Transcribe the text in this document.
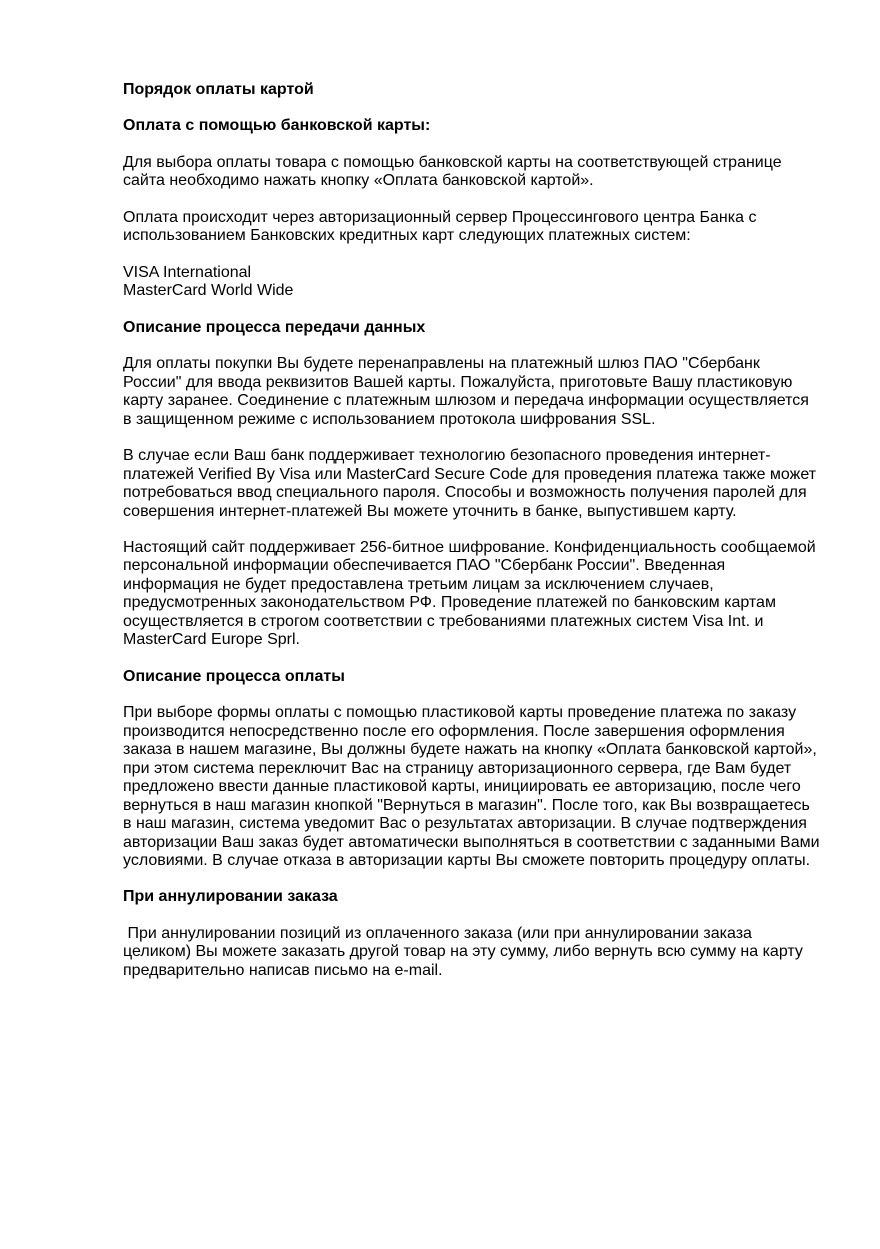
Порядок оплаты картой
Оплата с помощью банковской карты:

Для выбора оплаты товара с помощью банковской карты на соответствующей странице сайта необходимо нажать кнопку «Оплата банковской картой».

Оплата происходит через авторизационный сервер Процессингового центра Банка с использованием Банковских кредитных карт следующих платежных систем:

VISA International
MasterCard World Wide
Описание процесса передачи данных

Для оплаты покупки Вы будете перенаправлены на платежный шлюз ПАО "Сбербанк России" для ввода реквизитов Вашей карты. Пожалуйста, приготовьте Вашу пластиковую карту заранее. Соединение с платежным шлюзом и передача информации осуществляется в защищенном режиме с использованием протокола шифрования SSL.

В случае если Ваш банк поддерживает технологию безопасного проведения интернет-платежей Verified By Visa или MasterCard Secure Code для проведения платежа также может потребоваться ввод специального пароля. Способы и возможность получения паролей для совершения интернет-платежей Вы можете уточнить в банке, выпустившем карту.

Настоящий сайт поддерживает 256-битное шифрование. Конфиденциальность сообщаемой персональной информации обеспечивается ПАО "Сбербанк России". Введенная информация не будет предоставлена третьим лицам за исключением случаев, предусмотренных законодательством РФ. Проведение платежей по банковским картам осуществляется в строгом соответствии с требованиями платежных систем Visa Int. и MasterCard Europe Sprl.

Описание процесса оплаты

При выборе формы оплаты с помощью пластиковой карты проведение платежа по заказу производится непосредственно после его оформления. После завершения оформления заказа в нашем магазине, Вы должны будете нажать на кнопку «Оплата банковской картой», при этом система переключит Вас на страницу авторизационного сервера, где Вам будет предложено ввести данные пластиковой карты, инициировать ее авторизацию, после чего вернуться в наш магазин кнопкой "Вернуться в магазин". После того, как Вы возвращаетесь в наш магазин, система уведомит Вас о результатах авторизации. В случае подтверждения авторизации Ваш заказ будет автоматически выполняться в соответствии с заданными Вами условиями. В случае отказа в авторизации карты Вы сможете повторить процедуру оплаты.

При аннулировании заказа

При аннулировании позиций из оплаченного заказа (или при аннулировании заказа целиком) Вы можете заказать другой товар на эту сумму, либо вернуть всю сумму на карту предварительно написав письмо на e-mail.
